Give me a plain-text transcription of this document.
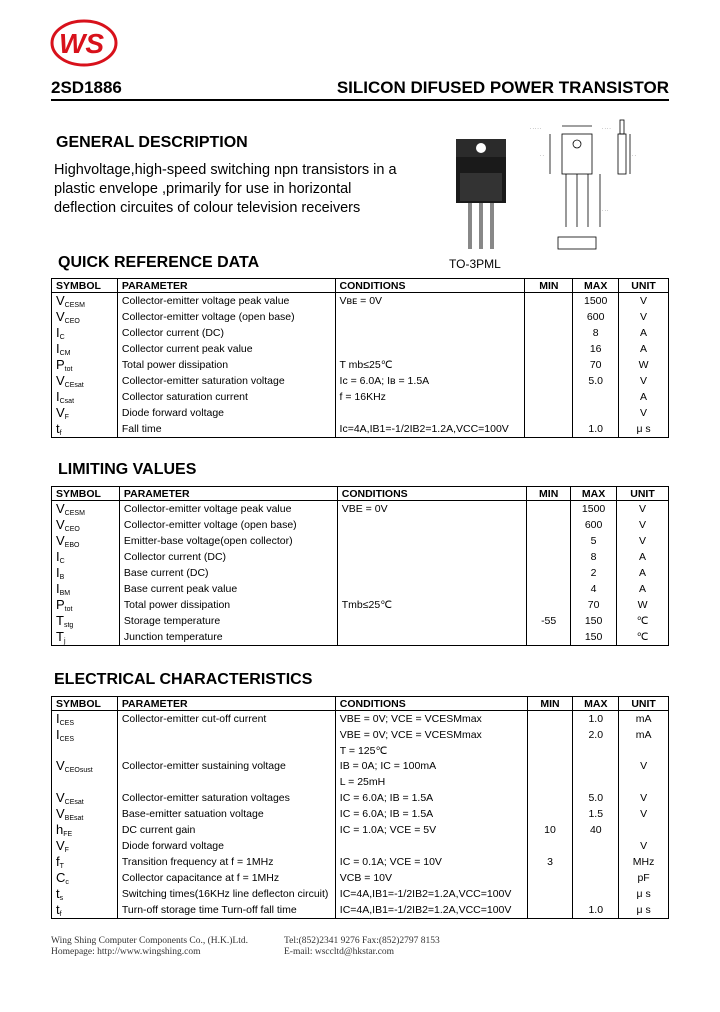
WS
2SD1886	SILICON DIFUSED POWER TRANSISTOR
GENERAL DESCRIPTION
Highvoltage,high-speed switching npn transistors in a
plastic envelope ,primarily for use in horizontal
deflection circuites of colour television receivers
TO-3PML
· · · · ·	· · · ·
· ·	· ·
· · ·
QUICK REFERENCE DATA
SYMBOL	PARAMETER	CONDITIONS	MIN	MAX	UNIT
$V_{CESM}$	Collector-emitter voltage peak value	Vʙᴇ = 0V		1500	V
$V_{CEO}$	Collector-emitter voltage (open base)			600	V
$I_C$	Collector current (DC)			8	A
$I_{CM}$	Collector current peak value			16	A
$P_{tot}$	Total power dissipation	T mb≤25℃		70	W
$V_{CEsat}$	Collector-emitter saturation voltage	Iᴄ = 6.0A; Iʙ = 1.5A		5.0	V
$I_{Csat}$	Collector saturation current	f = 16KHz			A
$V_F$	Diode forward voltage				V
$t_f$	Fall time	Ic=4A,IB1=-1/2IB2=1.2A,VCC=100V		1.0	μ s
LIMITING VALUES
SYMBOL	PARAMETER	CONDITIONS	MIN	MAX	UNIT
$V_{CESM}$	Collector-emitter voltage peak value	VBE = 0V		1500	V
$V_{CEO}$	Collector-emitter voltage (open base)			600	V
$V_{EBO}$	Emitter-base voltage(open collector)			5	V
$I_C$	Collector current (DC)			8	A
$I_B$	Base current (DC)			2	A
$I_{BM}$	Base current peak value			4	A
$P_{tot}$	Total power dissipation	Tmb≤25℃		70	W
$T_{stg}$	Storage temperature		-55	150	℃
$T_j$	Junction temperature			150	℃
ELECTRICAL CHARACTERISTICS
SYMBOL	PARAMETER	CONDITIONS	MIN	MAX	UNIT
$I_{CES}$	Collector-emitter cut-off current	VBE = 0V; VCE = VCESMmax		1.0	mA
$I_{CES}$		VBE = 0V; VCE = VCESMmax		2.0	mA
		T = 125℃			
$V_{CEOsust}$	Collector-emitter sustaining voltage	IB = 0A; IC = 100mA			V
		L = 25mH			
$V_{CEsat}$	Collector-emitter saturation voltages	IC = 6.0A; IB = 1.5A		5.0	V
$V_{BEsat}$	Base-emitter satuation voltage	IC = 6.0A; IB = 1.5A		1.5	V
$h_{FE}$	DC current gain	IC = 1.0A; VCE = 5V	10	40	
$V_F$	Diode forward voltage				V
$f_T$	Transition frequency at f = 1MHz	IC = 0.1A; VCE = 10V	3		MHz
$C_c$	Collector capacitance at f = 1MHz	VCB = 10V			pF
$t_s$	Switching times(16KHz line deflecton circuit)	IC=4A,IB1=-1/2IB2=1.2A,VCC=100V			μ s
$t_f$	Turn-off storage time Turn-off fall time	IC=4A,IB1=-1/2IB2=1.2A,VCC=100V		1.0	μ s
Wing Shing Computer Components Co., (H.K.)Ltd.
Homepage: http://www.wingshing.com
Tel:(852)2341 9276 Fax:(852)2797 8153
E-mail: wsccltd@hkstar.com
